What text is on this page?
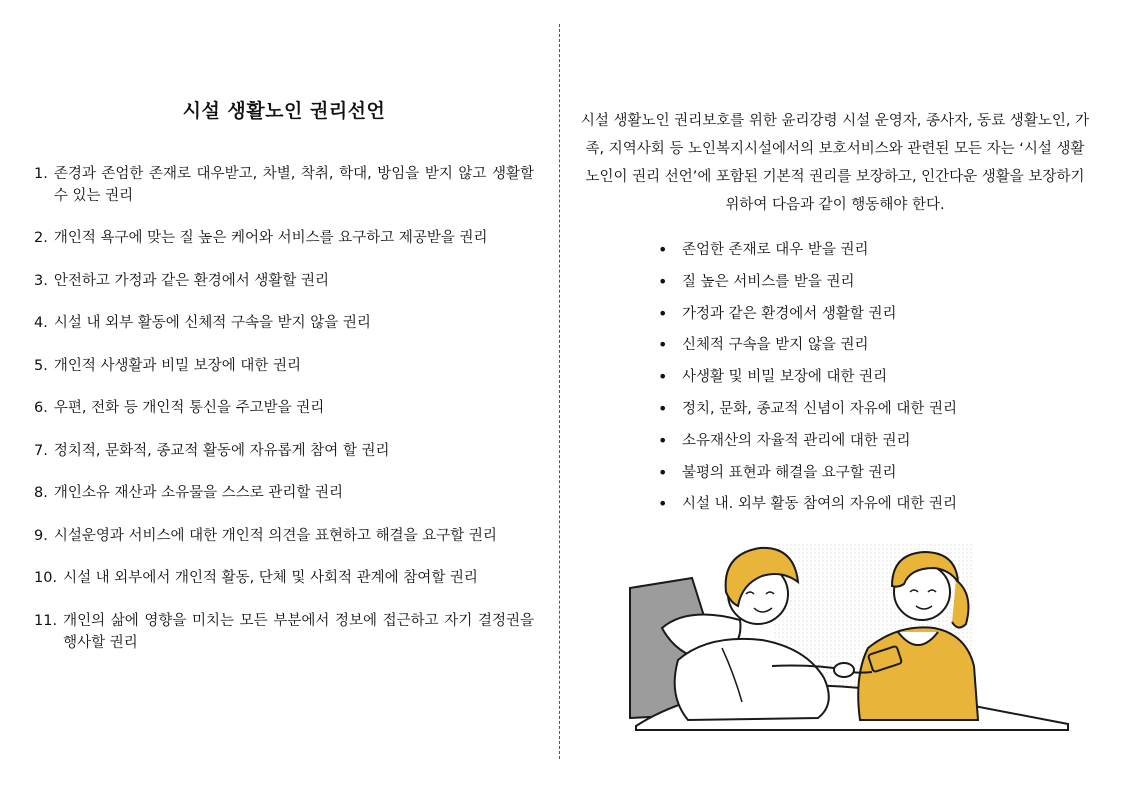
시설 생활노인 권리선언
1. 존경과 존엄한 존재로 대우받고, 차별, 착취, 학대, 방임을 받지 않고 생활할 수 있는 권리
2. 개인적 욕구에 맞는 질 높은 케어와 서비스를 요구하고 제공받을 권리
3. 안전하고 가정과 같은 환경에서 생활할 권리
4. 시설 내 외부 활동에 신체적 구속을 받지 않을 권리
5. 개인적 사생활과 비밀 보장에 대한 권리
6. 우편, 전화 등 개인적 통신을 주고받을 권리
7. 정치적, 문화적, 종교적 활동에 자유롭게 참여 할 권리
8. 개인소유 재산과 소유물을 스스로 관리할 권리
9. 시설운영과 서비스에 대한 개인적 의견을 표현하고 해결을 요구할 권리
10. 시설 내 외부에서 개인적 활동, 단체 및 사회적 관계에 참여할 권리
11. 개인의 삶에 영향을 미치는 모든 부분에서 정보에 접근하고 자기 결정권을 행사할 권리

시설 생활노인 권리보호를 위한 윤리강령 시설 운영자, 종사자, 동료 생활노인, 가족, 지역사회 등 노인복지시설에서의 보호서비스와 관련된 모든 자는 ‘시설 생활노인이 권리 선언’에 포함된 기본적 권리를 보장하고, 인간다운 생활을 보장하기 위하여 다음과 같이 행동해야 한다.

•	존엄한 존재로 대우 받을 권리
•	질 높은 서비스를 받을 권리
•	가정과 같은 환경에서 생활할 권리
•	신체적 구속을 받지 않을 권리
•	사생활 및 비밀 보장에 대한 권리
•	정치, 문화, 종교적 신념이 자유에 대한 권리
•	소유재산의 자율적 관리에 대한 권리
•	불평의 표현과 해결을 요구할 권리
•	시설 내. 외부 활동 참여의 자유에 대한 권리
